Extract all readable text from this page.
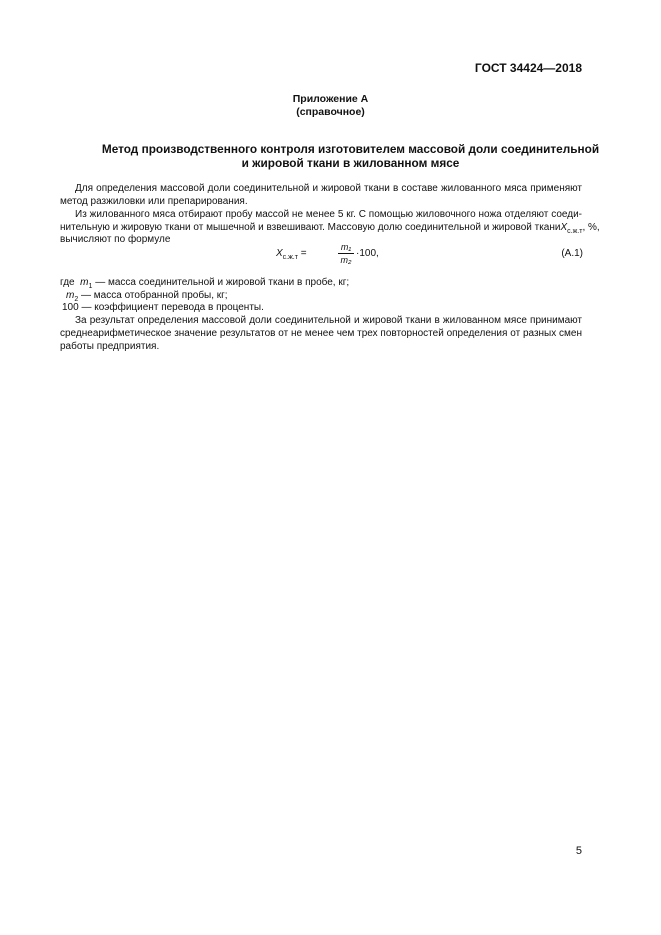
ГОСТ 34424—2018
Приложение А
(справочное)
Метод производственного контроля изготовителем массовой доли соединительной
и жировой ткани в жилованном мясе
Для определения массовой доли соединительной и жировой ткани в составе жилованного мяса применяют
метод разжиловки или препарирования.
Из жилованного мяса отбирают пробу массой не менее 5 кг. С помощью жиловочного ножа отделяют соеди-
нительную и жировую ткани от мышечной и взвешивают. Массовую долю соединительной и жировой ткани $X_{с.ж.т}$, %,
вычисляют по формуле
$X_{с.ж.т}$ =
m₁
m₂
·100,	(А.1)
где $m_1$ — масса соединительной и жировой ткани в пробе, кг;
$m_2$ — масса отобранной пробы, кг;
100 — коэффициент перевода в проценты.
За результат определения массовой доли соединительной и жировой ткани в жилованном мясе принимают
среднеарифметическое значение результатов от не менее чем трех повторностей определения от разных смен
работы предприятия.
5
